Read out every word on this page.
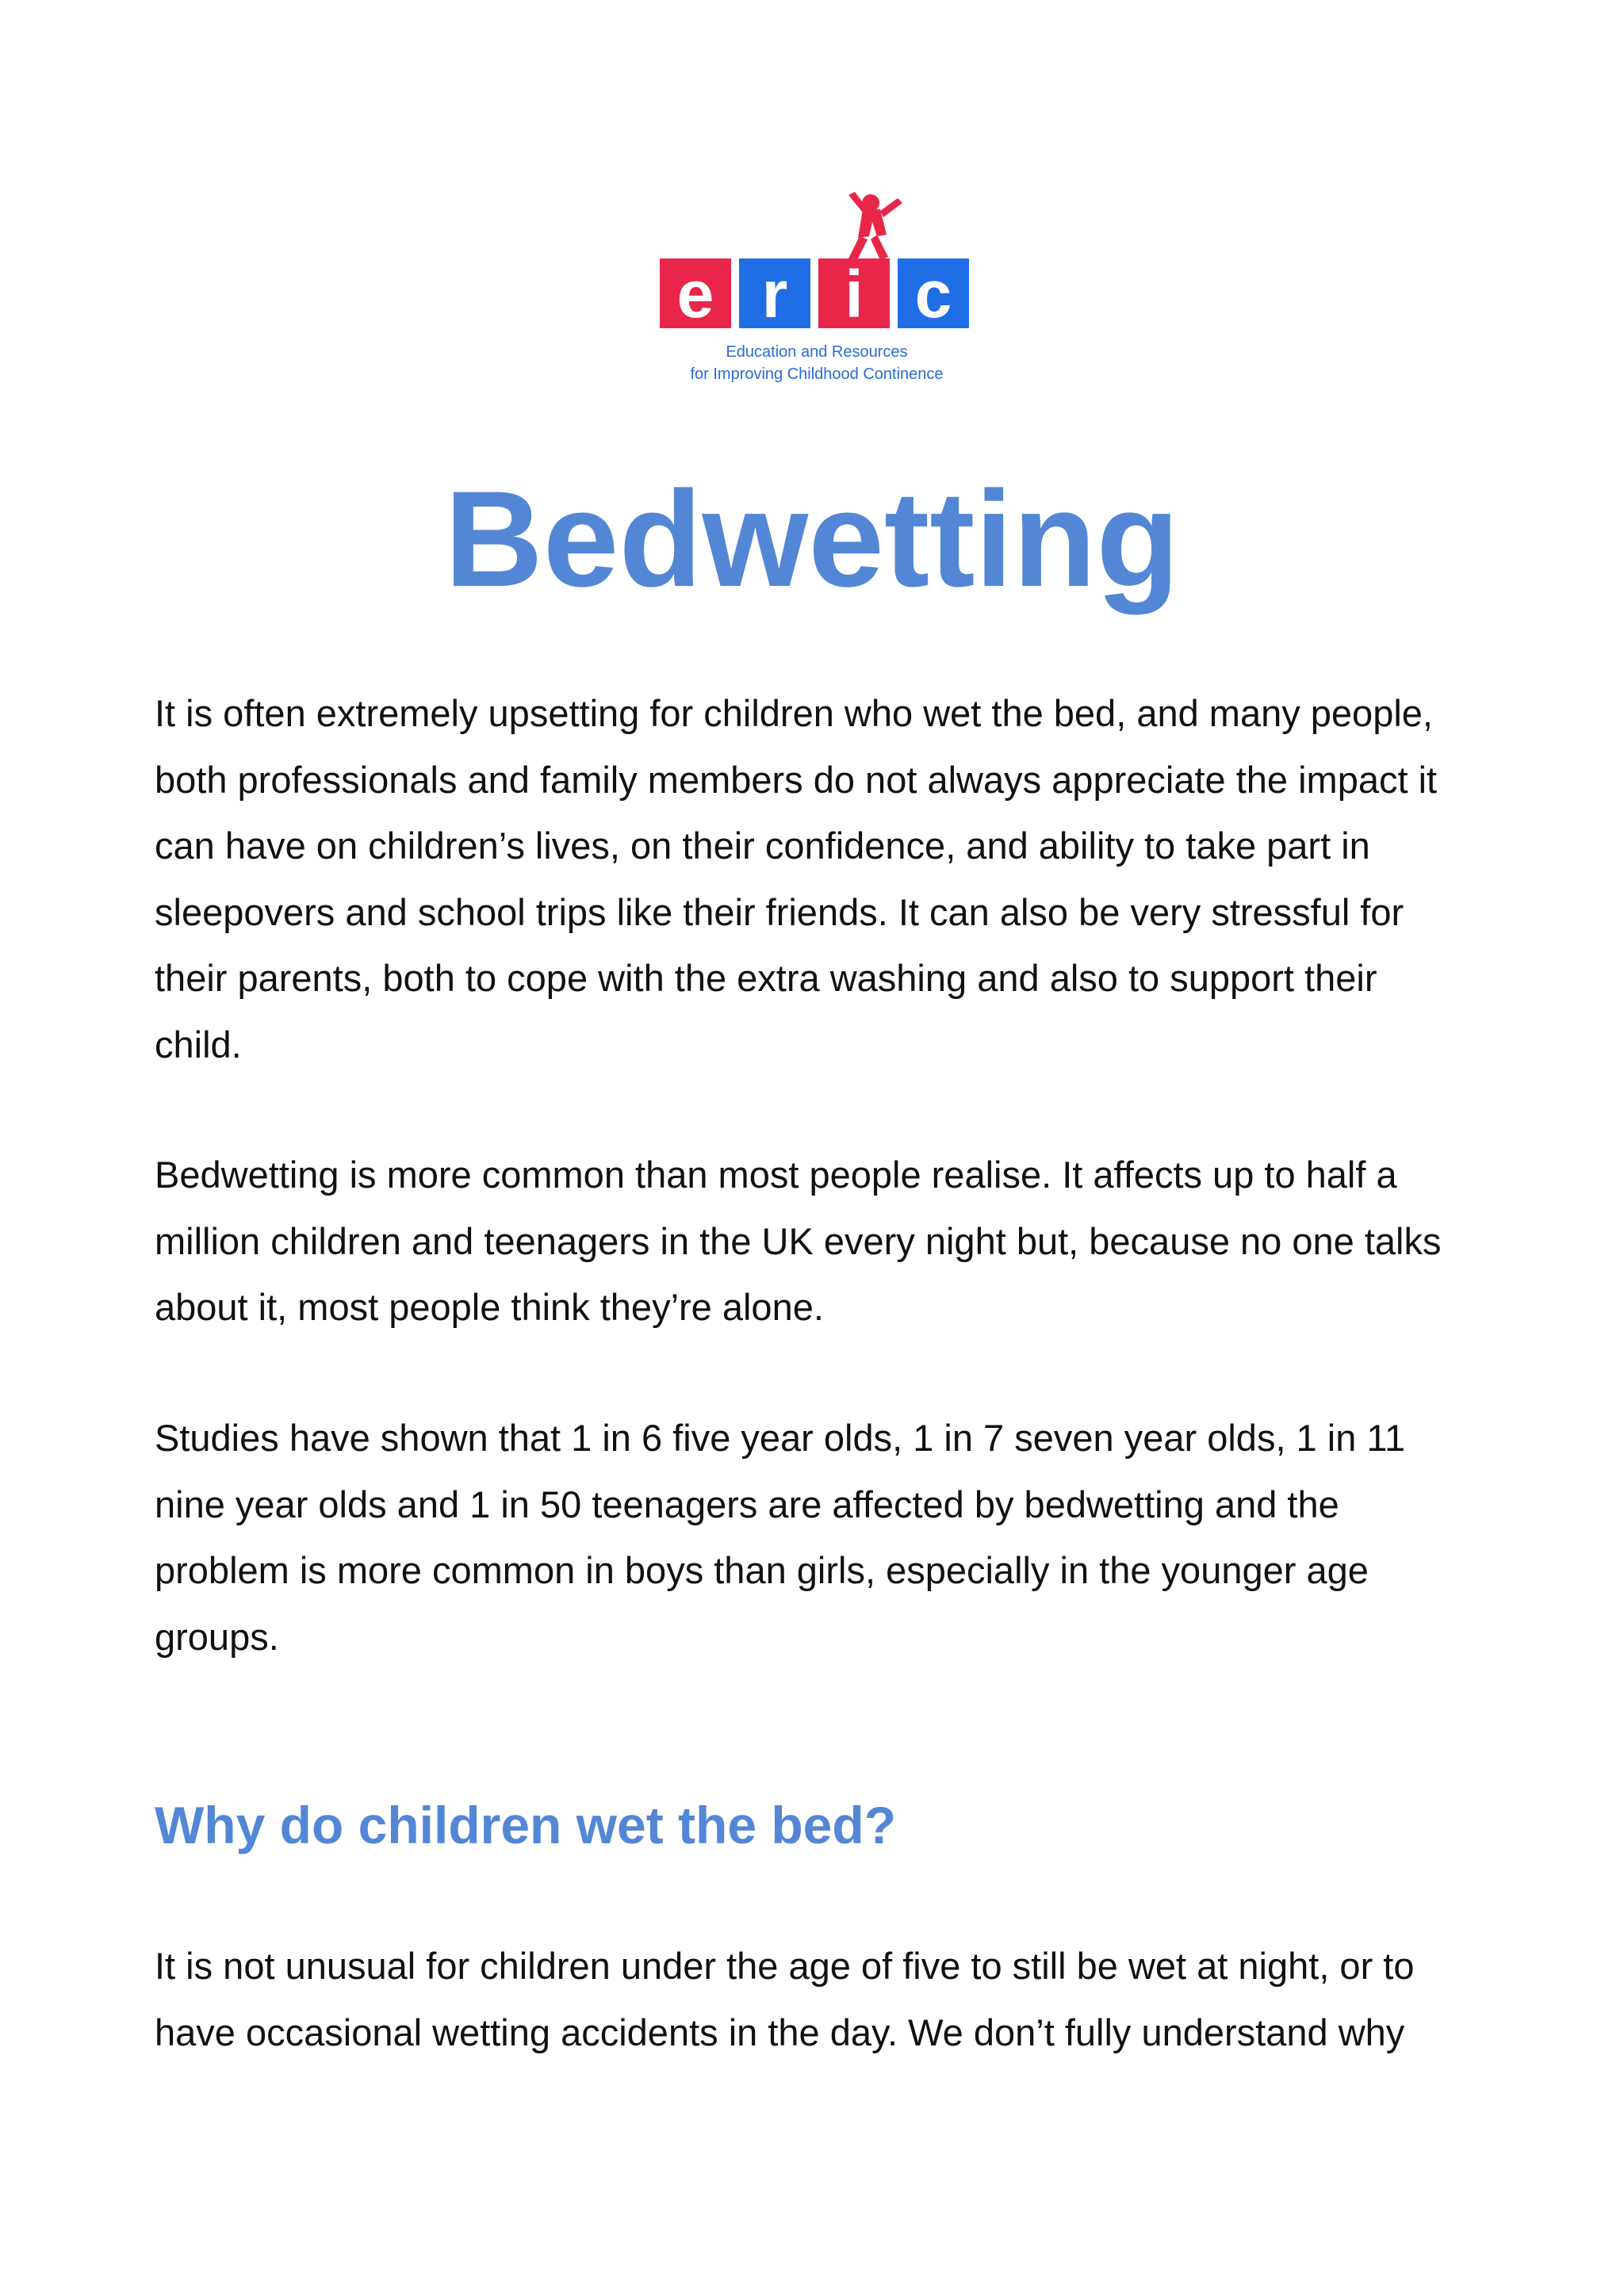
e r i c
Education and Resources
for Improving Childhood Continence
Bedwetting

It is often extremely upsetting for children who wet the bed, and many people,
both professionals and family members do not always appreciate the impact it
can have on children’s lives, on their confidence, and ability to take part in
sleepovers and school trips like their friends. It can also be very stressful for
their parents, both to cope with the extra washing and also to support their
child.

Bedwetting is more common than most people realise. It affects up to half a
million children and teenagers in the UK every night but, because no one talks
about it, most people think they’re alone.

Studies have shown that 1 in 6 five year olds, 1 in 7 seven year olds, 1 in 11
nine year olds and 1 in 50 teenagers are affected by bedwetting and the
problem is more common in boys than girls, especially in the younger age
groups.

Why do children wet the bed?

It is not unusual for children under the age of five to still be wet at night, or to
have occasional wetting accidents in the day. We don’t fully understand why
